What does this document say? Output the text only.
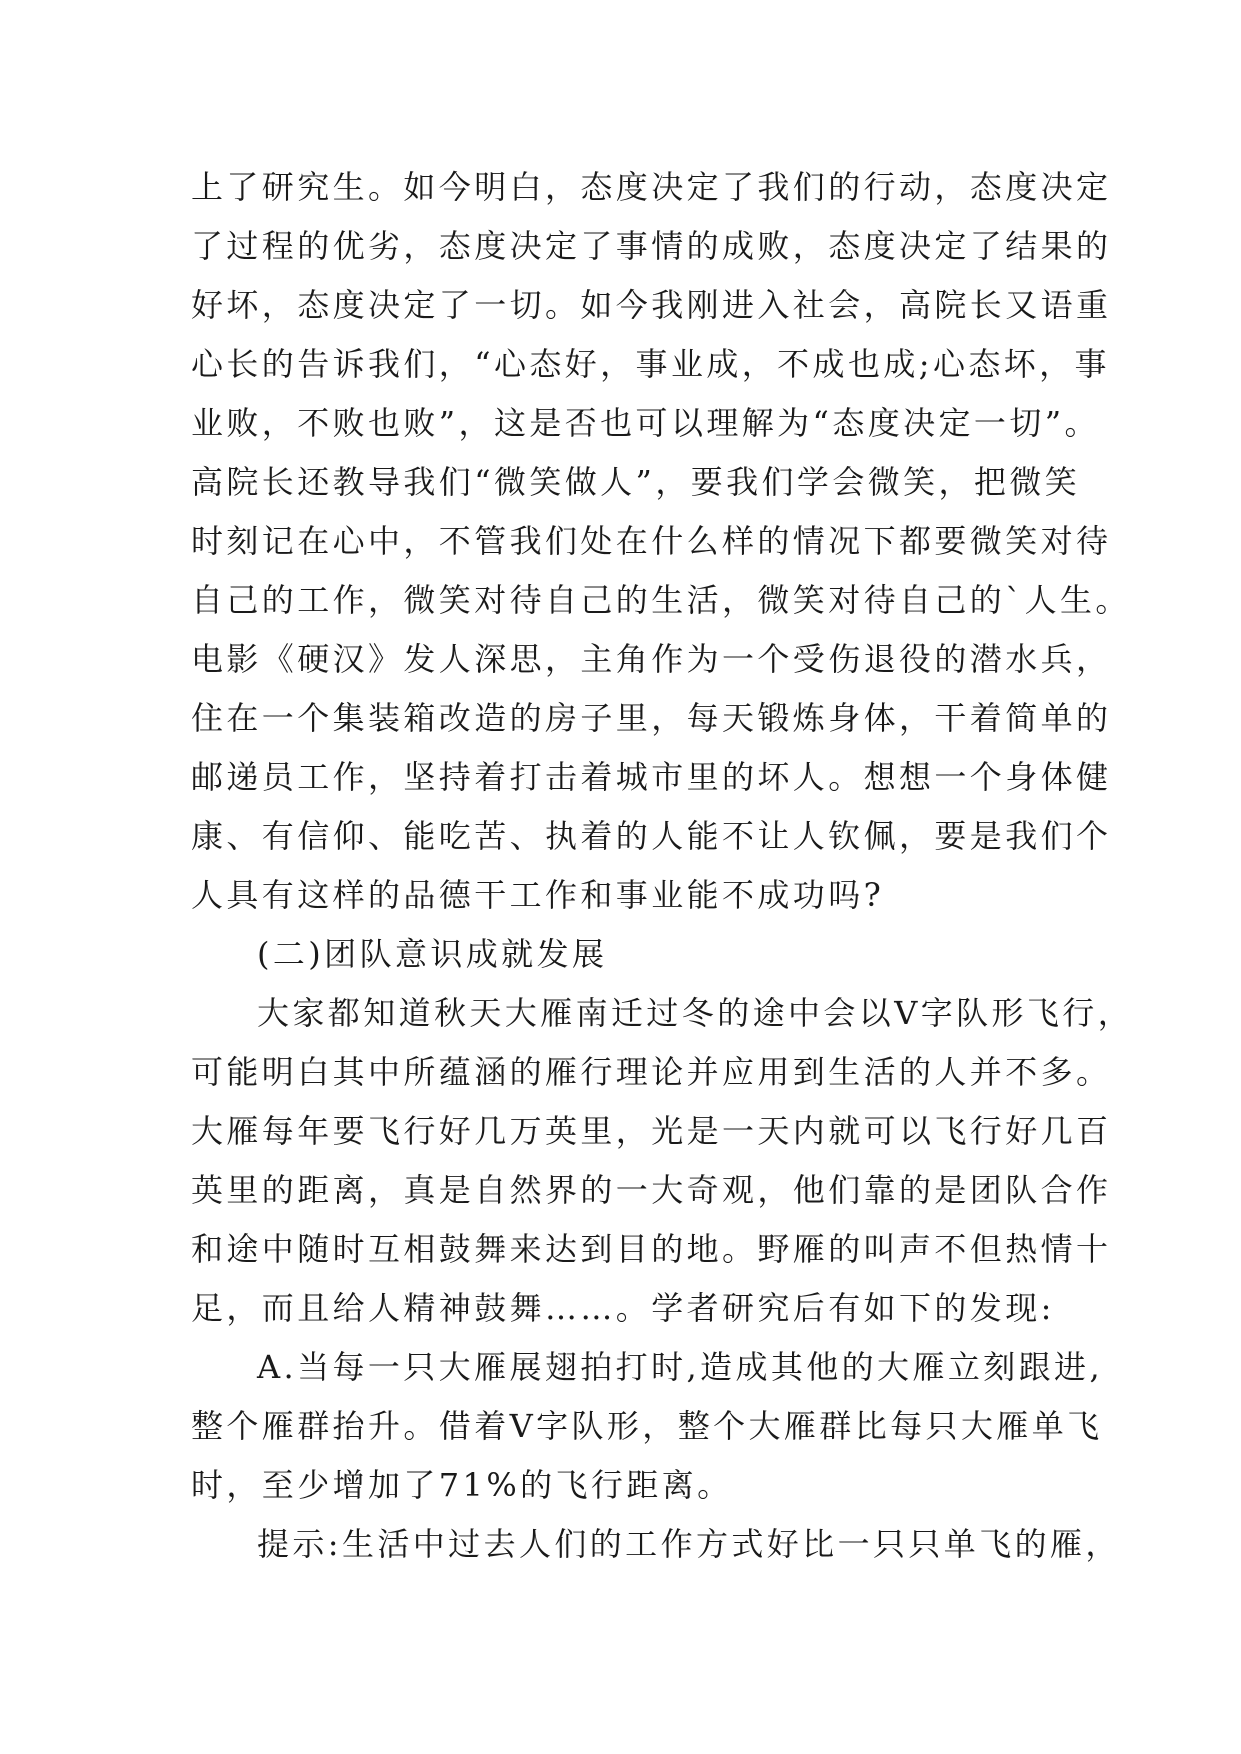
上了研究生。如今明白，态度决定了我们的行动，态度决定
了过程的优劣，态度决定了事情的成败，态度决定了结果的
好坏，态度决定了一切。如今我刚进入社会，高院长又语重
心长的告诉我们，“心态好，事业成，不成也成;心态坏，事
业败，不败也败”，这是否也可以理解为“态度决定一切”。
高院长还教导我们“微笑做人”，要我们学会微笑，把微笑
时刻记在心中，不管我们处在什么样的情况下都要微笑对待
自己的工作，微笑对待自己的生活，微笑对待自己的`人生。
电影《硬汉》发人深思，主角作为一个受伤退役的潜水兵，
住在一个集装箱改造的房子里，每天锻炼身体，干着简单的
邮递员工作，坚持着打击着城市里的坏人。想想一个身体健
康、有信仰、能吃苦、执着的人能不让人钦佩，要是我们个
人具有这样的品德干工作和事业能不成功吗?
(二)团队意识成就发展
大家都知道秋天大雁南迁过冬的途中会以V字队形飞行，
可能明白其中所蕴涵的雁行理论并应用到生活的人并不多。
大雁每年要飞行好几万英里，光是一天内就可以飞行好几百
英里的距离，真是自然界的一大奇观，他们靠的是团队合作
和途中随时互相鼓舞来达到目的地。野雁的叫声不但热情十
足，而且给人精神鼓舞……。学者研究后有如下的发现:
A.当每一只大雁展翅拍打时,造成其他的大雁立刻跟进,
整个雁群抬升。借着V字队形，整个大雁群比每只大雁单飞
时，至少增加了71%的飞行距离。
提示:生活中过去人们的工作方式好比一只只单飞的雁，
